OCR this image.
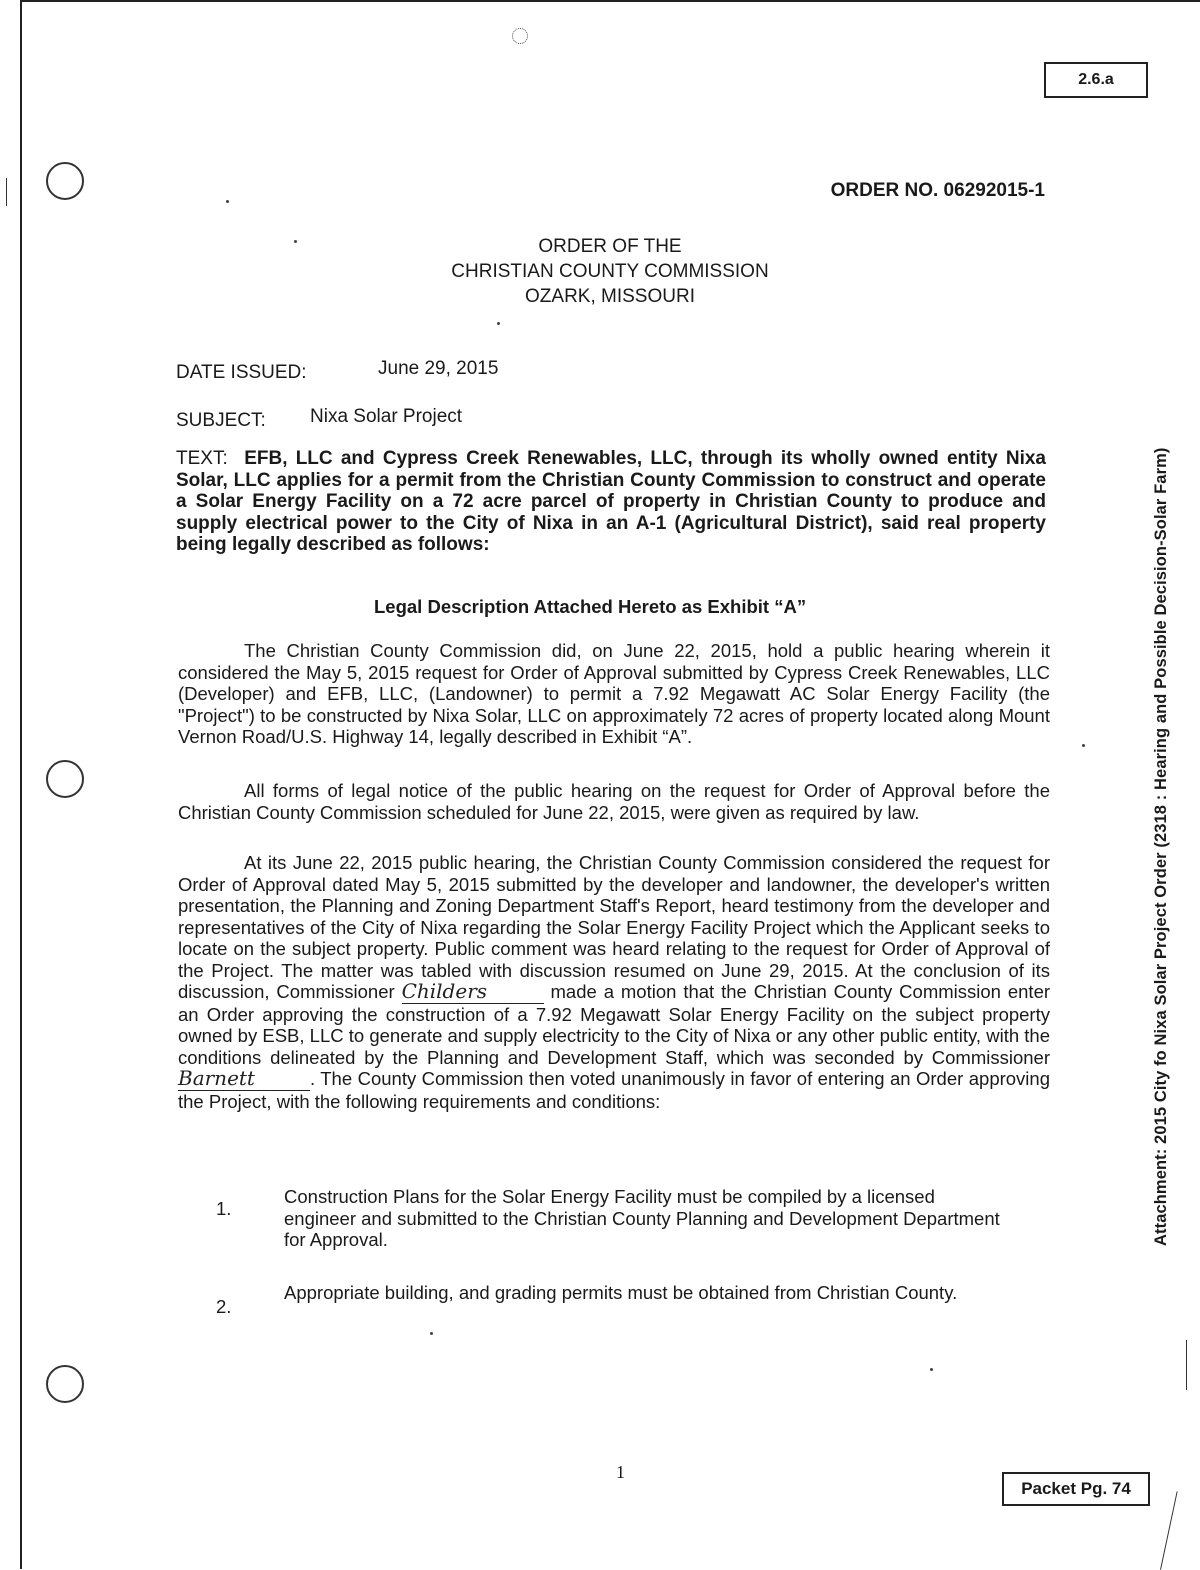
2.6.a
ORDER NO. 06292015-1
ORDER OF THE
CHRISTIAN COUNTY COMMISSION
OZARK, MISSOURI
DATE ISSUED:	June 29, 2015
SUBJECT: Nixa Solar Project
TEXT: EFB, LLC and Cypress Creek Renewables, LLC, through its wholly owned entity Nixa Solar, LLC applies for a permit from the Christian County Commission to construct and operate a Solar Energy Facility on a 72 acre parcel of property in Christian County to produce and supply electrical power to the City of Nixa in an A-1 (Agricultural District), said real property being legally described as follows:
Legal Description Attached Hereto as Exhibit “A”
The Christian County Commission did, on June 22, 2015, hold a public hearing wherein it considered the May 5, 2015 request for Order of Approval submitted by Cypress Creek Renewables, LLC (Developer) and EFB, LLC, (Landowner) to permit a 7.92 Megawatt AC Solar Energy Facility (the "Project") to be constructed by Nixa Solar, LLC on approximately 72 acres of property located along Mount Vernon Road/U.S. Highway 14, legally described in Exhibit “A”.
All forms of legal notice of the public hearing on the request for Order of Approval before the Christian County Commission scheduled for June 22, 2015, were given as required by law.
At its June 22, 2015 public hearing, the Christian County Commission considered the request for Order of Approval dated May 5, 2015 submitted by the developer and landowner, the developer's written presentation, the Planning and Zoning Department Staff's Report, heard testimony from the developer and representatives of the City of Nixa regarding the Solar Energy Facility Project which the Applicant seeks to locate on the subject property. Public comment was heard relating to the request for Order of Approval of the Project. The matter was tabled with discussion resumed on June 29, 2015. At the conclusion of its discussion, Commissioner Childers	made a motion that the Christian County Commission enter an Order approving the construction of a 7.92 Megawatt Solar Energy Facility on the subject property owned by ESB, LLC to generate and supply electricity to the City of Nixa or any other public entity, with the conditions delineated by the Planning and Development Staff, which was seconded by Commissioner Barnett	. The County Commission then voted unanimously in favor of entering an Order approving the Project, with the following requirements and conditions:
1.
Construction Plans for the Solar Energy Facility must be compiled by a licensed engineer and submitted to the Christian County Planning and Development Department for Approval.
2.
Appropriate building, and grading permits must be obtained from Christian County.
Attachment: 2015 City fo Nixa Solar Project Order (2318 : Hearing and Possible Decision-Solar Farm)
1
Packet Pg. 74
